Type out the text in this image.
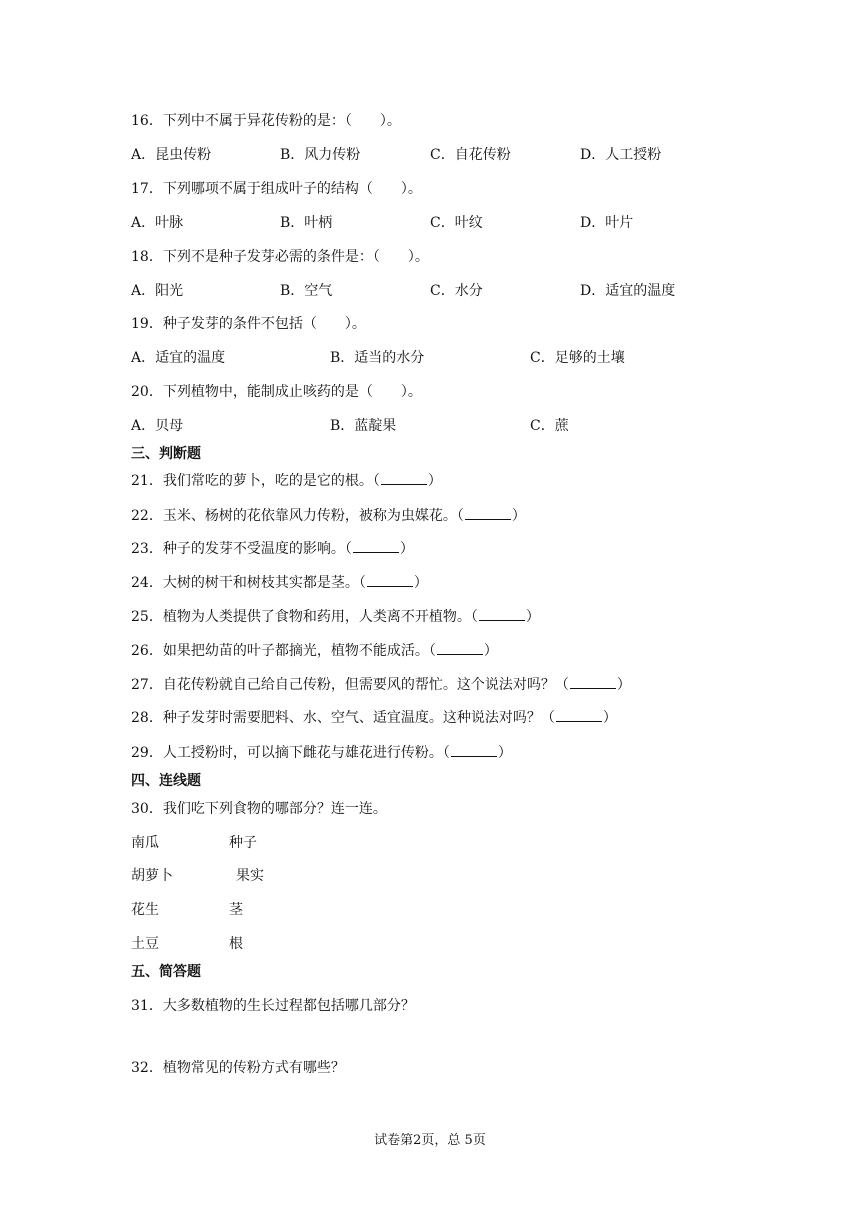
16．下列中不属于异花传粉的是：（　　）。
A．昆虫传粉	B．风力传粉	C．自花传粉	D．人工授粉
17．下列哪项不属于组成叶子的结构（　　）。
A．叶脉	B．叶柄	C．叶纹	D．叶片
18．下列不是种子发芽必需的条件是：（　　）。
A．阳光	B．空气	C．水分	D．适宜的温度
19．种子发芽的条件不包括（　　）。
A．适宜的温度	B．适当的水分	C．足够的土壤
20．下列植物中，能制成止咳药的是（　　）。
A．贝母	B．蓝靛果	C．蔗
三、判断题
21．我们常吃的萝卜，吃的是它的根。（	）
22．玉米、杨树的花依靠风力传粉，被称为虫媒花。（	）
23．种子的发芽不受温度的影响。（	）
24．大树的树干和树枝其实都是茎。（	）
25．植物为人类提供了食物和药用，人类离不开植物。（	）
26．如果把幼苗的叶子都摘光，植物不能成活。（	）
27．自花传粉就自己给自己传粉，但需要风的帮忙。这个说法对吗？（	）
28．种子发芽时需要肥料、水、空气、适宜温度。这种说法对吗？（	）
29．人工授粉时，可以摘下雌花与雄花进行传粉。（	）
四、连线题
30．我们吃下列食物的哪部分？连一连。
南瓜	种子
胡萝卜	果实
花生	茎
土豆	根
五、简答题
31．大多数植物的生长过程都包括哪几部分？
32．植物常见的传粉方式有哪些？
试卷第2页，总 5页
